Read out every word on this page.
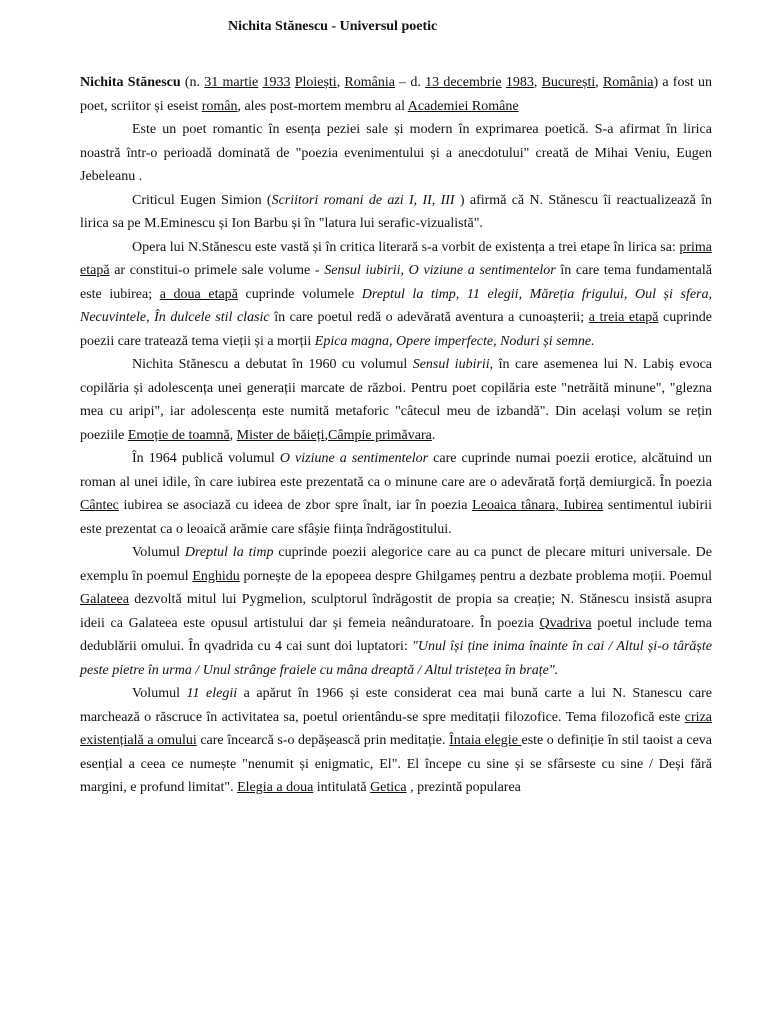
Nichita Stănescu - Universul poetic

Nichita Stănescu (n. 31 martie 1933 Ploiești, România – d. 13 decembrie 1983, București, România) a fost un poet, scriitor și eseist român, ales post-mortem membru al Academiei Române

Este un poet romantic în esența peziei sale și modern în exprimarea poetică. S-a afirmat în lirica noastră într-o perioadă dominată de "poezia evenimentului și a anecdotului" creată de Mihai Veniu, Eugen Jebeleanu .

Criticul Eugen Simion (Scriitori romani de azi I, II, III ) afirmă că N. Stănescu îi reactualizează în lirica sa pe M.Eminescu și Ion Barbu și în "latura lui serafic-vizualistă".

Opera lui N.Stănescu este vastă și în critica literară s-a vorbit de existența a trei etape în lirica sa: prima etapă ar constitui-o primele sale volume - Sensul iubirii, O viziune a sentimentelor în care tema fundamentală este iubirea; a doua etapă cuprinde volumele Dreptul la timp, 11 elegii, Măreția frigului, Oul și sfera, Necuvintele, În dulcele stil clasic în care poetul redă o adevărată aventura a cunoașterii; a treia etapă cuprinde poezii care tratează tema vieții și a morții Epica magna, Opere imperfecte, Noduri și semne.

Nichita Stănescu a debutat în 1960 cu volumul Sensul iubirii, în care asemenea lui N. Labiș evoca copilăria și adolescența unei generații marcate de război. Pentru poet copilăria este "netrăită minune", "glezna mea cu aripi", iar adolescența este numită metaforic "câtecul meu de izbandă". Din același volum se rețin poeziile Emoție de toamnă, Mister de băieți,Câmpie primăvara.

În 1964 publică volumul O viziune a sentimentelor care cuprinde numai poezii erotice, alcătuind un roman al unei idile, în care iubirea este prezentată ca o minune care are o adevărată forță demiurgică. În poezia Cântec iubirea se asociază cu ideea de zbor spre înalt, iar în poezia Leoaica tânara, Iubirea sentimentul iubirii este prezentat ca o leoaică arămie care sfâșie ființa îndrăgostitului.

Volumul Dreptul la timp cuprinde poezii alegorice care au ca punct de plecare mituri universale. De exemplu în poemul Enghidu pornește de la epopeea despre Ghilgameș pentru a dezbate problema moții. Poemul Galateea dezvoltă mitul lui Pygmelion, sculptorul îndrăgostit de propia sa creație; N. Stănescu insistă asupra ideii ca Galateea este opusul artistului dar și femeia neânduratoare. În poezia Qvadriva poetul include tema dedublării omului. În qvadrida cu 4 cai sunt doi luptatori: "Unul își ține inima înainte în cai / Altul și-o târăște peste pietre în urma / Unul strânge fraiele cu mâna dreaptă / Altul tristețea în brațe".

Volumul 11 elegii a apărut în 1966 și este considerat cea mai bună carte a lui N. Stanescu care marchează o răscruce în activitatea sa, poetul orientându-se spre meditații filozofice. Tema filozofică este criza existențială a omului care încearcă s-o depășească prin meditație. Întaia elegie este o definiție în stil taoist a ceva esențial a ceea ce numește "nenumit și enigmatic, El". El începe cu sine și se sfârseste cu sine / Deși fără margini, e profund limitat". Elegia a doua intitulată Getica , prezintă popularea
